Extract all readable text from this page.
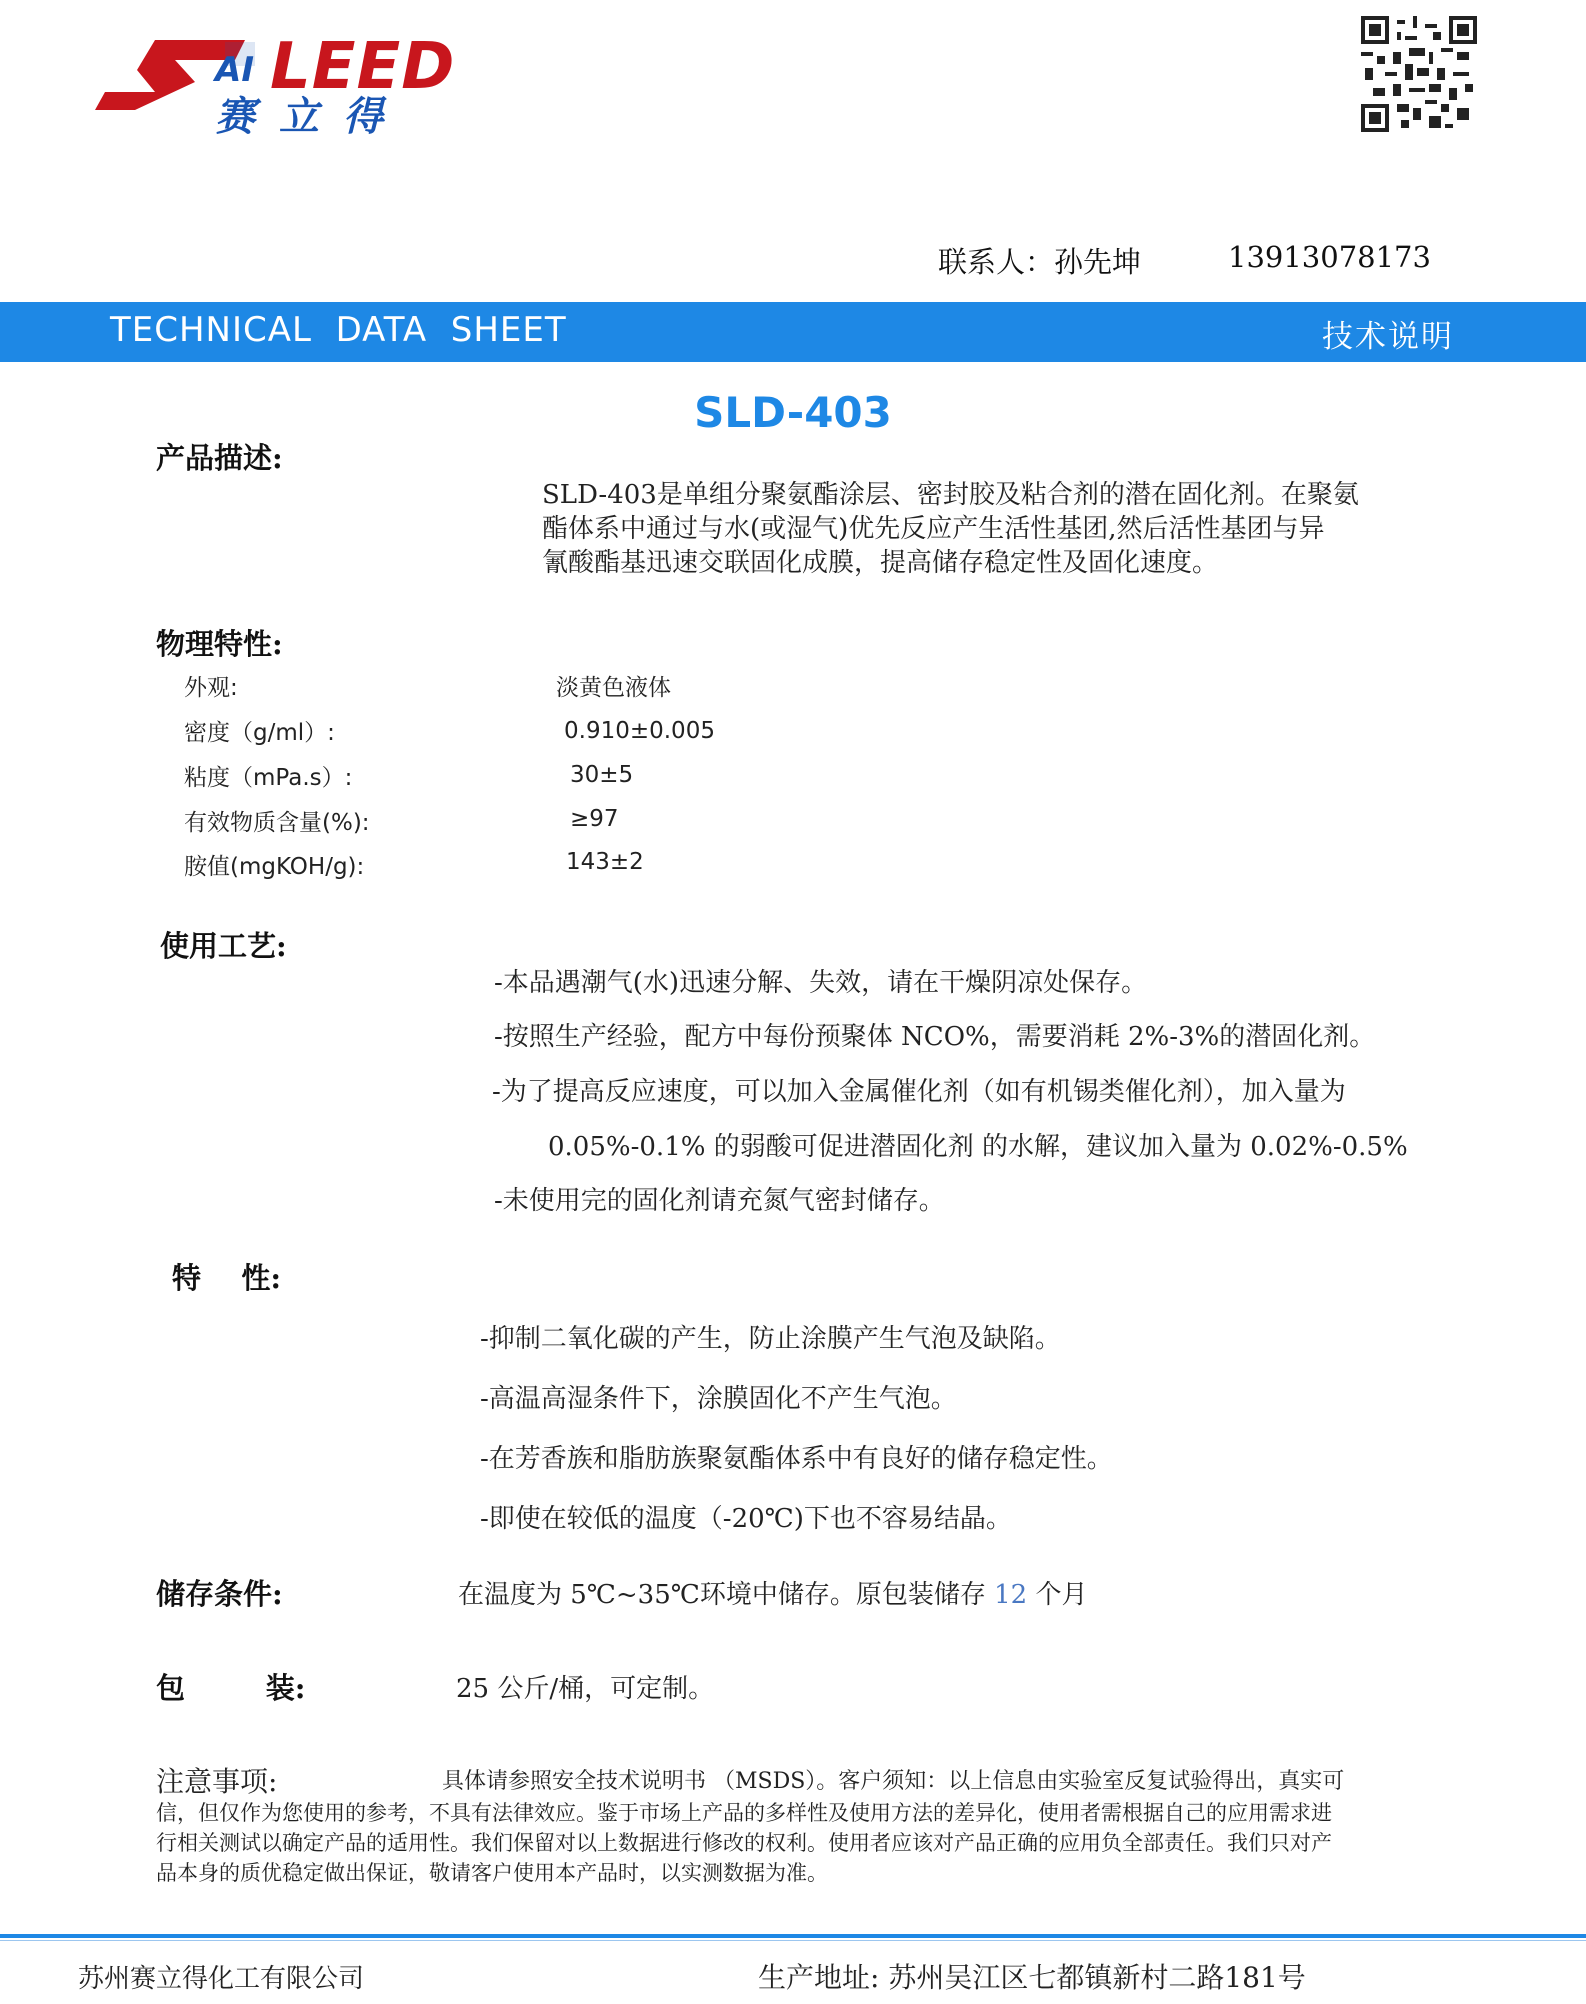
AI LEED
赛立得
联系人：孙先坤	13913078173
TECHNICAL  DATA  SHEET	技术说明
SLD-403
产品描述:
SLD-403是单组分聚氨酯涂层、密封胶及粘合剂的潜在固化剂。在聚氨
酯体系中通过与水(或湿气)优先反应产生活性基团,然后活性基团与异
氰酸酯基迅速交联固化成膜，提高储存稳定性及固化速度。
物理特性:
外观:	淡黄色液体
密度（g/ml）:	0.910±0.005
粘度（mPa.s）:	30±5
有效物质含量(%):	≥97
胺值(mgKOH/g):	143±2
使用工艺:
-本品遇潮气(水)迅速分解、失效，请在干燥阴凉处保存。
-按照生产经验，配方中每份预聚体 NCO%，需要消耗 2%-3%的潜固化剂。
-为了提高反应速度，可以加入金属催化剂（如有机锡类催化剂），加入量为
0.05%-0.1% 的弱酸可促进潜固化剂 的水解，建议加入量为 0.02%-0.5%
-未使用完的固化剂请充氮气密封储存。
特    性:
-抑制二氧化碳的产生，防止涂膜产生气泡及缺陷。
-高温高湿条件下，涂膜固化不产生气泡。
-在芳香族和脂肪族聚氨酯体系中有良好的储存稳定性。
-即使在较低的温度（-20℃)下也不容易结晶。
储存条件:	在温度为 5℃~35℃环境中储存。原包装储存 12 个月
包        装:	25 公斤/桶，可定制。
注意事项:	具体请参照安全技术说明书 （MSDS）。客户须知：以上信息由实验室反复试验得出，真实可
信，但仅作为您使用的参考，不具有法律效应。鉴于市场上产品的多样性及使用方法的差异化，使用者需根据自己的应用需求进
行相关测试以确定产品的适用性。我们保留对以上数据进行修改的权利。使用者应该对产品正确的应用负全部责任。我们只对产
品本身的质优稳定做出保证，敬请客户使用本产品时，以实测数据为准。
苏州赛立得化工有限公司	生产地址: 苏州吴江区七都镇新村二路181号
